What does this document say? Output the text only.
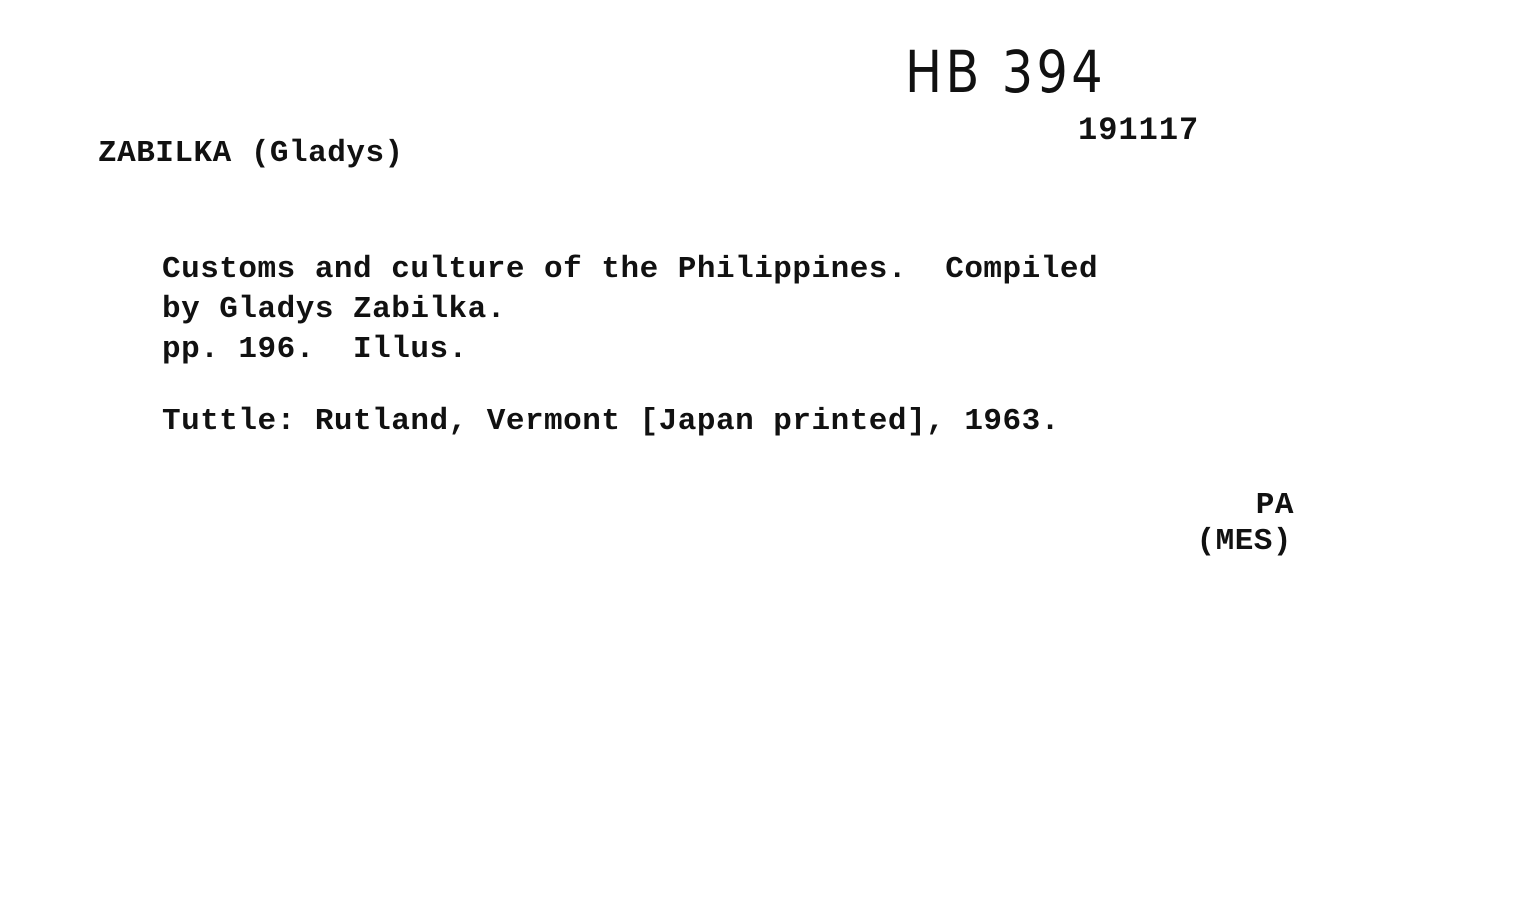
HB 394
191117
ZABILKA (Gladys)
Customs and culture of the Philippines.  Compiled
by Gladys Zabilka.
pp. 196.  Illus.
Tuttle: Rutland, Vermont [Japan printed], 1963.
PA
(MES)
